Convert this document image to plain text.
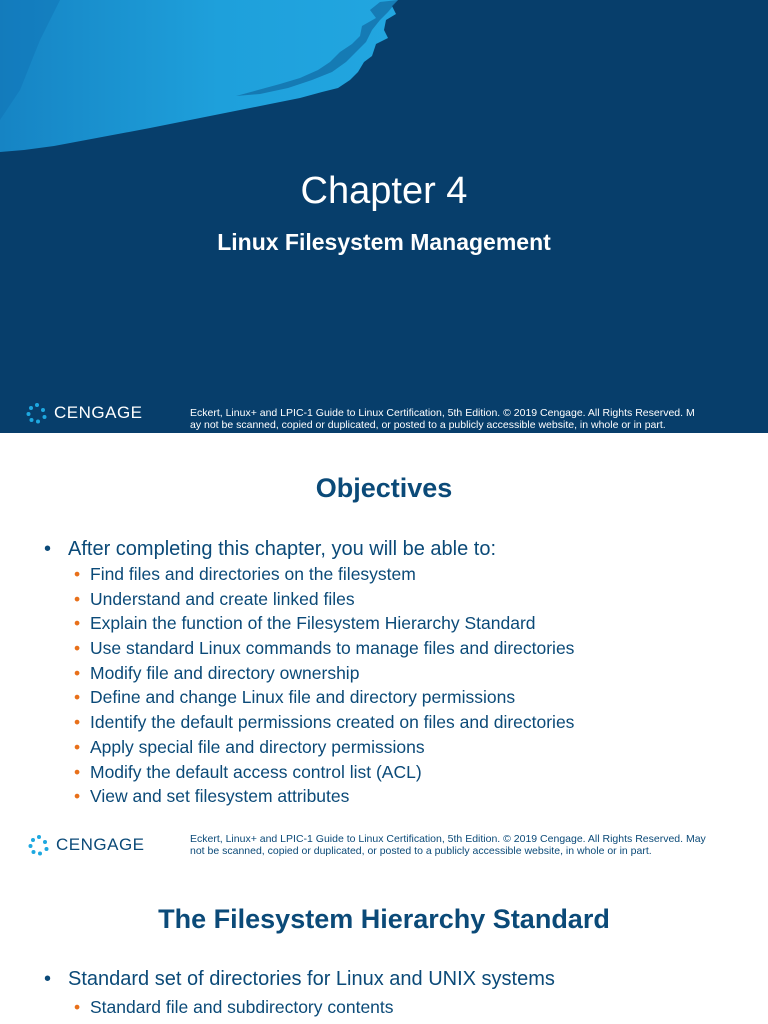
Chapter 4
Linux Filesystem Management
CENGAGE	Eckert, Linux+ and LPIC-1 Guide to Linux Certification, 5th Edition. © 2019 Cengage. All Rights Reserved. M
ay not be scanned, copied or duplicated, or posted to a publicly accessible website, in whole or in part.
Objectives
• After completing this chapter, you will be able to:
• Find files and directories on the filesystem
• Understand and create linked files
• Explain the function of the Filesystem Hierarchy Standard
• Use standard Linux commands to manage files and directories
• Modify file and directory ownership
• Define and change Linux file and directory permissions
• Identify the default permissions created on files and directories
• Apply special file and directory permissions
• Modify the default access control list (ACL)
• View and set filesystem attributes
CENGAGE	Eckert, Linux+ and LPIC-1 Guide to Linux Certification, 5th Edition. © 2019 Cengage. All Rights Reserved. May
not be scanned, copied or duplicated, or posted to a publicly accessible website, in whole or in part.
The Filesystem Hierarchy Standard
• Standard set of directories for Linux and UNIX systems
• Standard file and subdirectory contents
